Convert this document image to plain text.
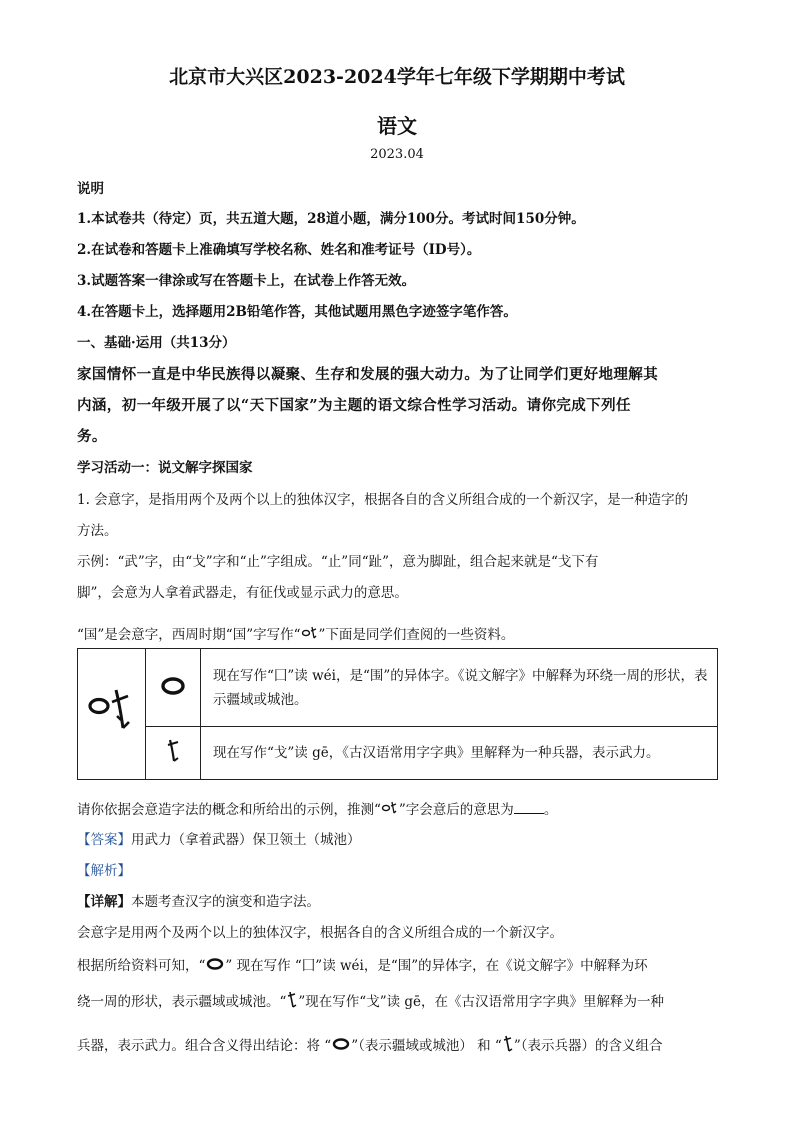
北京市大兴区2023-2024学年七年级下学期期中考试
语文
2023.04
说明
1.本试卷共（待定）页，共五道大题，28道小题，满分100分。考试时间150分钟。
2.在试卷和答题卡上准确填写学校名称、姓名和准考证号（ID号）。
3.试题答案一律涂或写在答题卡上，在试卷上作答无效。
4.在答题卡上，选择题用2B铅笔作答，其他试题用黑色字迹签字笔作答。
一、基础·运用（共13分）
家国情怀一直是中华民族得以凝聚、生存和发展的强大动力。为了让同学们更好地理解其
内涵，初一年级开展了以“天下国家”为主题的语文综合性学习活动。请你完成下列任
务。
学习活动一：说文解字探国家
1. 会意字，是指用两个及两个以上的独体汉字，根据各自的含义所组合成的一个新汉字，是一种造字的
方法。
示例：“武”字，由“戈”字和“止”字组成。“止”同“趾”，意为脚趾，组合起来就是“戈下有
脚”，会意为人拿着武器走，有征伐或显示武力的意思。
“国”是会意字，西周时期“国”字写作“ ”下面是同学们查阅的一些资料。
		现在写作“囗”读 wéi，是“围”的异体字。《说文解字》中解释为环绕一周的形状，表示疆域或城池。
	现在写作“戈”读 gē，《古汉语常用字字典》里解释为一种兵器，表示武力。
请你依据会意造字法的概念和所给出的示例，推测“ ”字会意后的意思为 。
【答案】用武力（拿着武器）保卫领土（城池）
【解析】
【详解】本题考查汉字的演变和造字法。
会意字是用两个及两个以上的独体汉字，根据各自的含义所组合成的一个新汉字。
根据所给资料可知，“ ” 现在写作 “囗”读 wéi，是“围”的异体字，在《说文解字》中解释为环
绕一周的形状，表示疆域或城池。“ ”现在写作“戈”读 gē，在《古汉语常用字字典》里解释为一种
兵器，表示武力。组合含义得出结论：将 “ ”（表示疆域或城池） 和 “ ”（表示兵器）的含义组合
